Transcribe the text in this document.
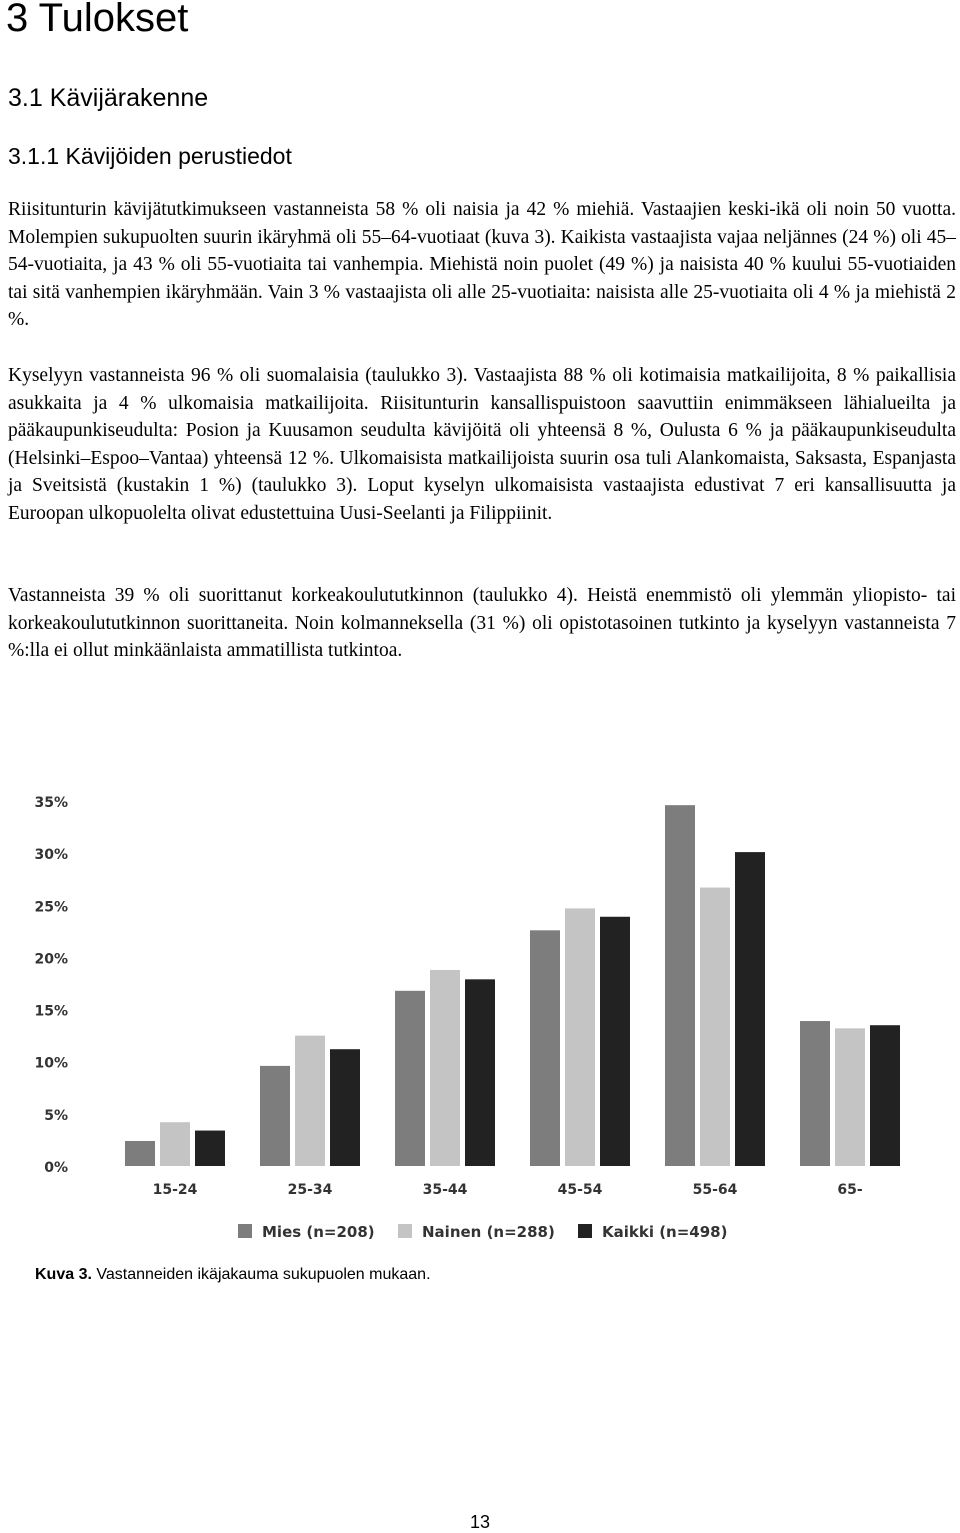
3 Tulokset
3.1 Kävijärakenne
3.1.1 Kävijöiden perustiedot

Riisitunturin kävijätutkimukseen vastanneista 58 % oli naisia ja 42 % miehiä. Vastaajien keski-ikä oli noin 50 vuotta. Molempien sukupuolten suurin ikäryhmä oli 55–64-vuotiaat (kuva 3). Kaikista vastaajista vajaa neljännes (24 %) oli 45–54-vuotiaita, ja 43 % oli 55-vuotiaita tai vanhempia. Miehistä noin puolet (49 %) ja naisista 40 % kuului 55-vuotiaiden tai sitä vanhempien ikäryhmään. Vain 3 % vastaajista oli alle 25-vuotiaita: naisista alle 25-vuotiaita oli 4 % ja miehistä 2 %.

Kyselyyn vastanneista 96 % oli suomalaisia (taulukko 3). Vastaajista 88 % oli kotimaisia matkailijoita, 8 % paikallisia asukkaita ja 4 % ulkomaisia matkailijoita. Riisitunturin kansallispuistoon saavuttiin enimmäkseen lähialueilta ja pääkaupunkiseudulta: Posion ja Kuusamon seudulta kävijöitä oli yhteensä 8 %, Oulusta 6 % ja pääkaupunkiseudulta (Helsinki–Espoo–Vantaa) yhteensä 12 %. Ulkomaisista matkailijoista suurin osa tuli Alankomaista, Saksasta, Espanjasta ja Sveitsistä (kustakin 1 %) (taulukko 3). Loput kyselyn ulkomaisista vastaajista edustivat 7 eri kansallisuutta ja Euroopan ulkopuolelta olivat edustettuina Uusi-Seelanti ja Filippiinit.

Vastanneista 39 % oli suorittanut korkeakoulututkinnon (taulukko 4). Heistä enemmistö oli ylemmän yliopisto- tai korkeakoulututkinnon suorittaneita. Noin kolmanneksella (31 %) oli opistotasoinen tutkinto ja kyselyyn vastanneista 7 %:lla ei ollut minkäänlaista ammatillista tutkintoa.

0%
5%
10%
15%
20%
25%
30%
35%
15-24	25-34	35-44	45-54	55-64	65-
Mies (n=208)	Nainen (n=288)	Kaikki (n=498)

Kuva 3. Vastanneiden ikäjakauma sukupuolen mukaan.

13
